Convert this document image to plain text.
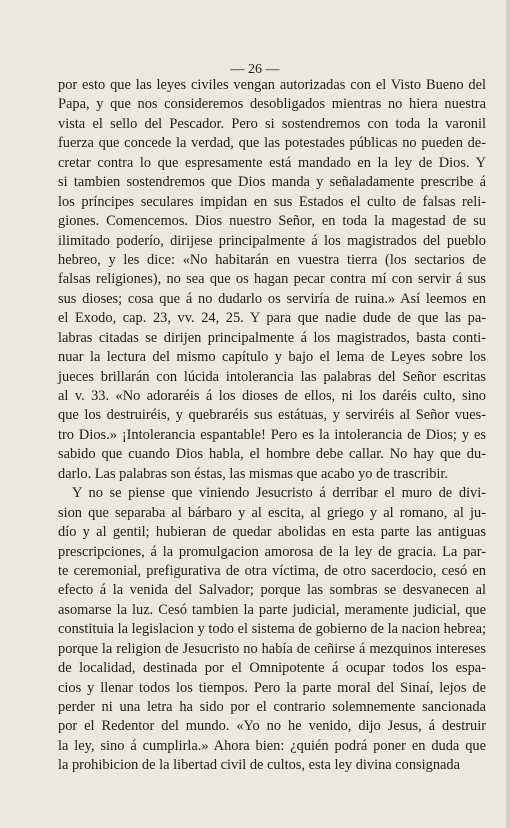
— 26 —
por esto que las leyes civiles vengan autorizadas con el Visto Bueno del
Papa, y que nos consideremos desobligados mientras no hiera nuestra
vista el sello del Pescador. Pero si sostendremos con toda la varonil
fuerza que concede la verdad, que las potestades públicas no pueden de-
cretar contra lo que espresamente está mandado en la ley de Dios. Y
si tambien sostendremos que Dios manda y señaladamente prescribe á
los príncipes seculares impidan en sus Estados el culto de falsas reli-
giones. Comencemos. Dios nuestro Señor, en toda la magestad de su
ilimitado poderío, dirijese principalmente á los magistrados del pueblo
hebreo, y les dice: «No habitarán en vuestra tierra (los sectarios de
falsas religiones), no sea que os hagan pecar contra mí con servir á sus
sus dioses; cosa que á no dudarlo os serviría de ruina.» Así leemos en
el Exodo, cap. 23, vv. 24, 25. Y para que nadie dude de que las pa-
labras citadas se dirijen principalmente á los magistrados, basta conti-
nuar la lectura del mismo capítulo y bajo el lema de Leyes sobre los
jueces brillarán con lúcida intolerancia las palabras del Señor escritas
al v. 33. «No adoraréis á los dioses de ellos, ni los daréis culto, sino
que los destruiréis, y quebraréis sus estátuas, y serviréis al Señor vues-
tro Dios.» ¡Intolerancia espantable! Pero es la intolerancia de Dios; y es
sabido que cuando Dios habla, el hombre debe callar. No hay que du-
darlo. Las palabras son éstas, las mismas que acabo yo de trascribir.
Y no se piense que viniendo Jesucristo á derribar el muro de divi-
sion que separaba al bárbaro y al escita, al griego y al romano, al ju-
dío y al gentil; hubieran de quedar abolidas en esta parte las antiguas
prescripciones, á la promulgacion amorosa de la ley de gracia. La par-
te ceremonial, prefigurativa de otra víctima, de otro sacerdocio, cesó en
efecto á la venida del Salvador; porque las sombras se desvanecen al
asomarse la luz. Cesó tambien la parte judicial, meramente judicial, que
constituia la legislacion y todo el sistema de gobierno de la nacion hebrea;
porque la religion de Jesucristo no había de ceñirse á mezquinos intereses
de localidad, destinada por el Omnipotente á ocupar todos los espa-
cios y llenar todos los tiempos. Pero la parte moral del Sinaí, lejos de
perder ni una letra ha sido por el contrario solemnemente sancionada
por el Redentor del mundo. «Yo no he venido, dijo Jesus, á destruir
la ley, sino á cumplirla.» Ahora bien: ¿quién podrá poner en duda que
la prohibicion de la libertad civil de cultos, esta ley divina consignada
